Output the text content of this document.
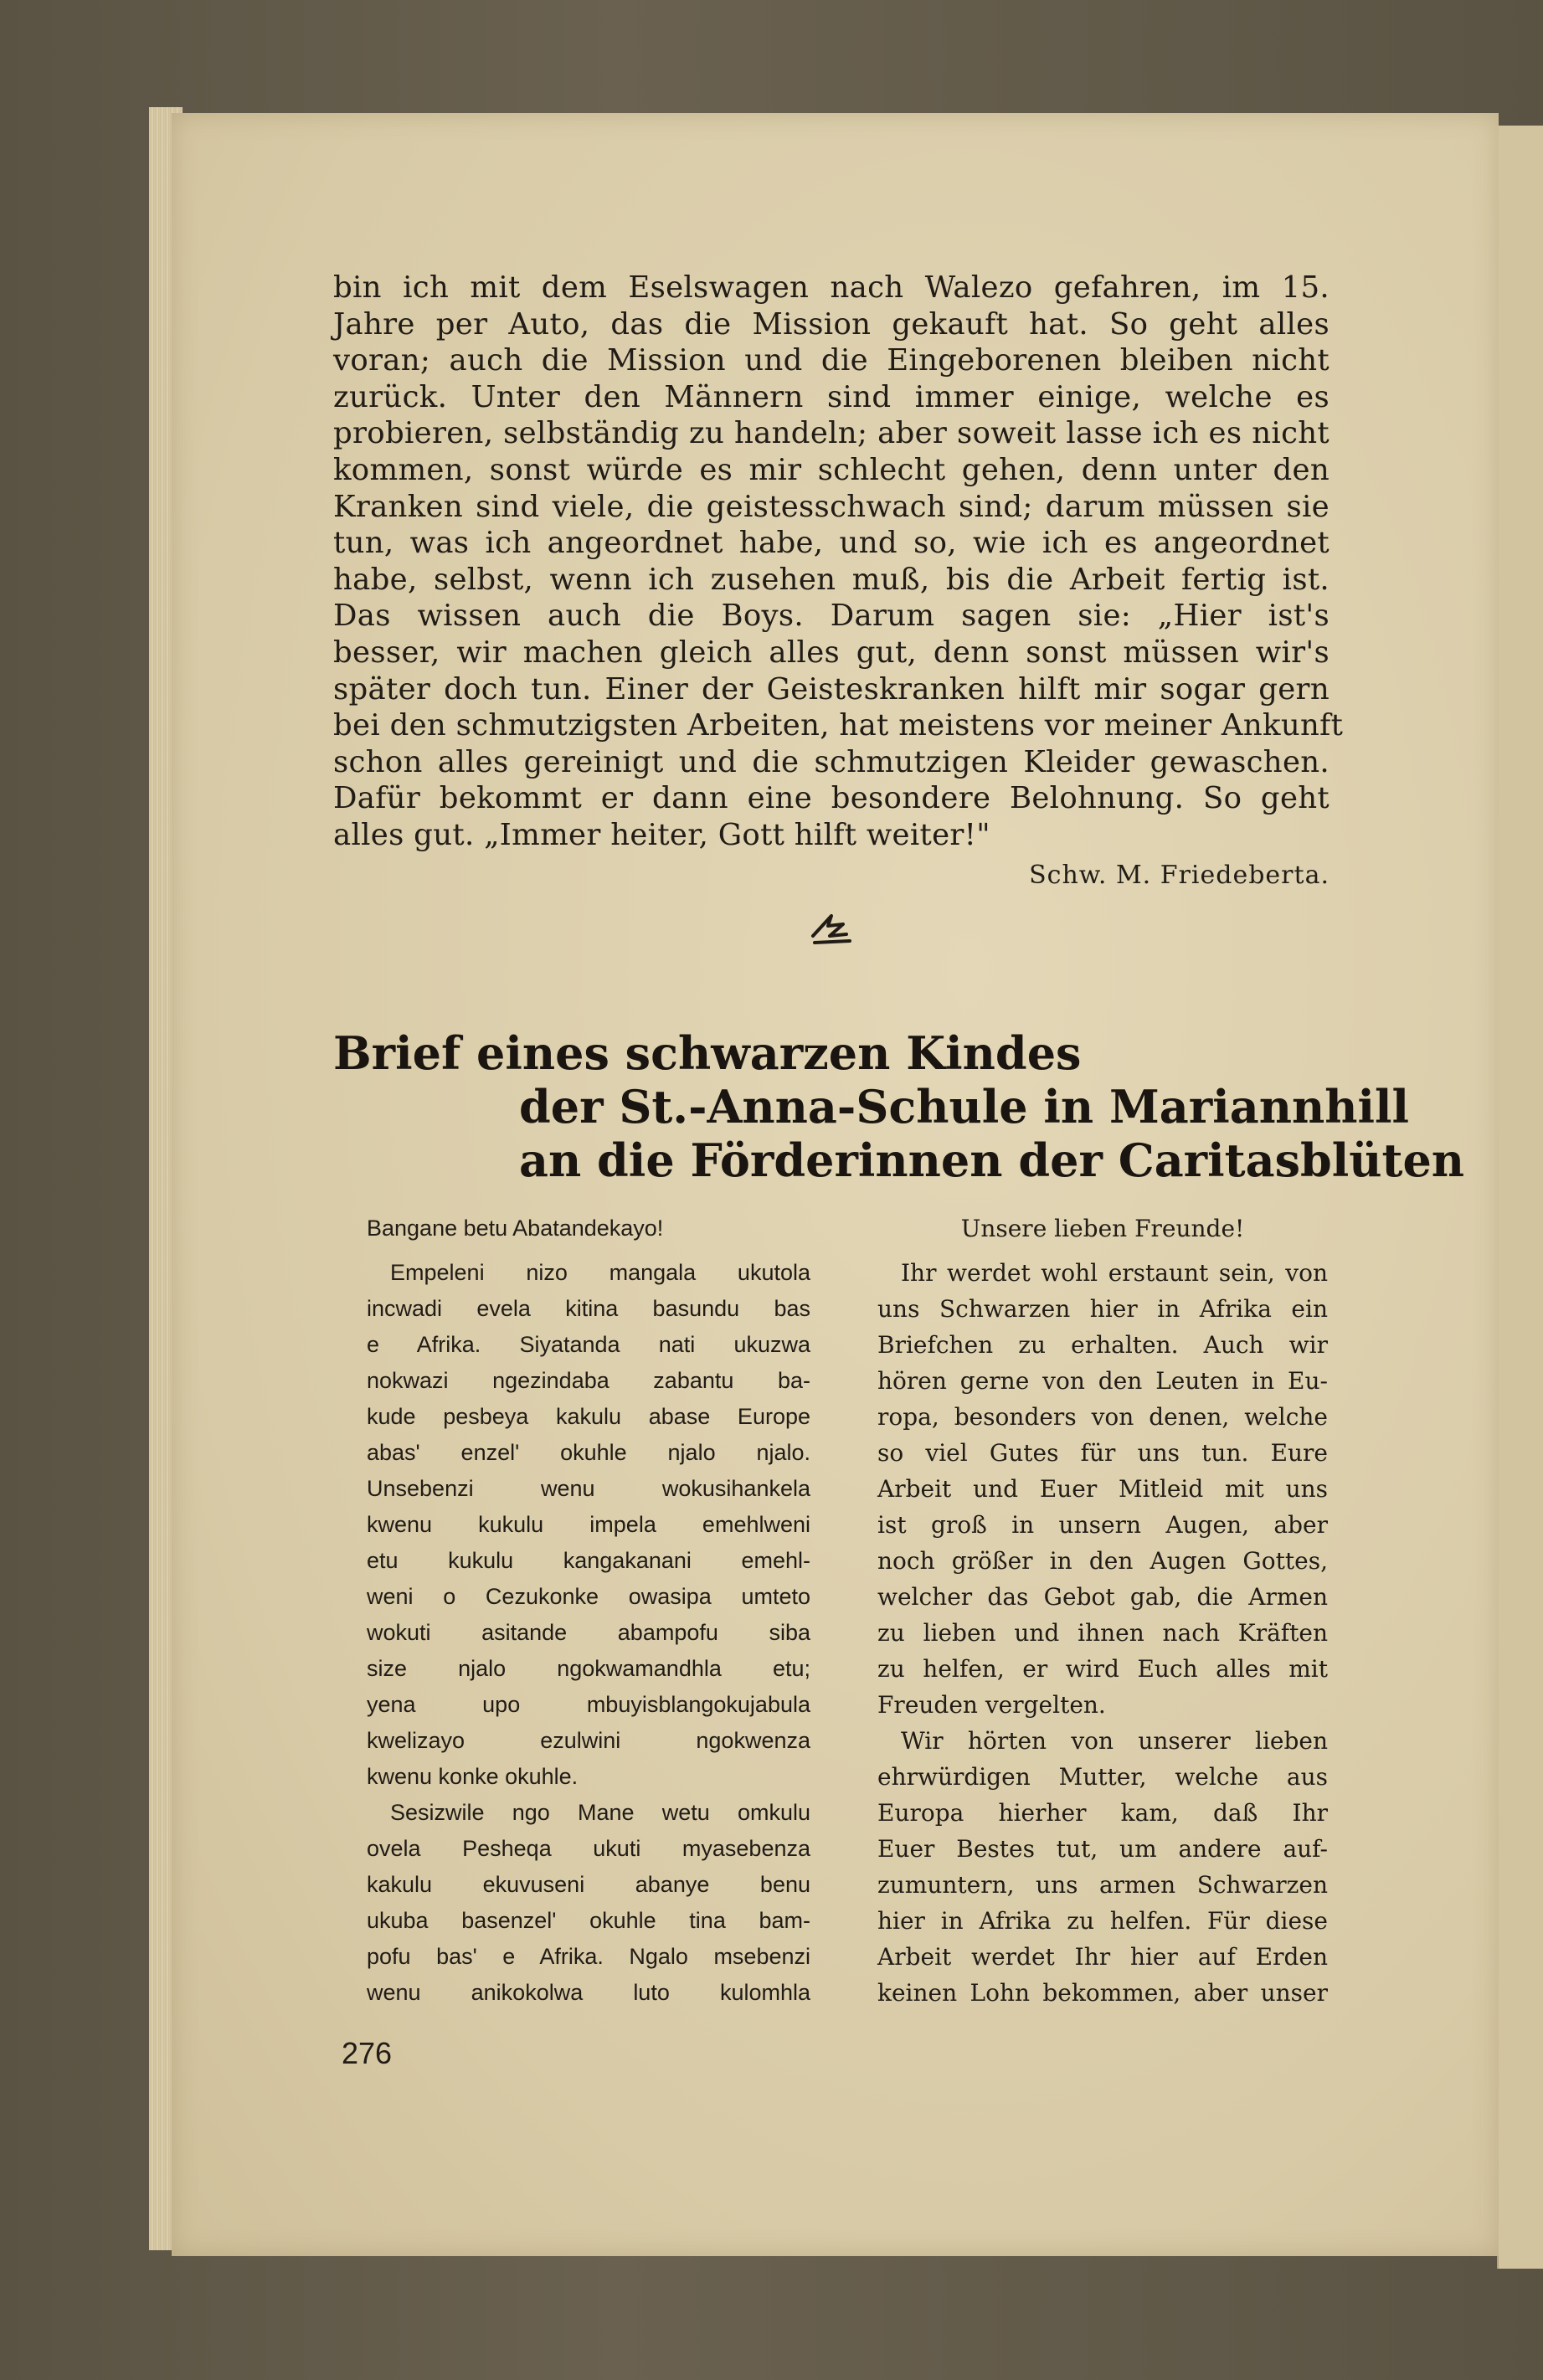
bin ich mit dem Eselswagen nach Walezo gefahren, im 15.
Jahre per Auto, das die Mission gekauft hat. So geht alles
voran; auch die Mission und die Eingeborenen bleiben nicht
zurück. Unter den Männern sind immer einige, welche es
probieren, selbständig zu handeln; aber soweit lasse ich es nicht
kommen, sonst würde es mir schlecht gehen, denn unter den
Kranken sind viele, die geistesschwach sind; darum müssen sie
tun, was ich angeordnet habe, und so, wie ich es angeordnet
habe, selbst, wenn ich zusehen muß, bis die Arbeit fertig ist.
Das wissen auch die Boys. Darum sagen sie: „Hier ist's
besser, wir machen gleich alles gut, denn sonst müssen wir's
später doch tun. Einer der Geisteskranken hilft mir sogar gern
bei den schmutzigsten Arbeiten, hat meistens vor meiner Ankunft
schon alles gereinigt und die schmutzigen Kleider gewaschen.
Dafür bekommt er dann eine besondere Belohnung. So geht
alles gut. „Immer heiter, Gott hilft weiter!"

Schw. M. Friedeberta.
Brief eines schwarzen Kindes
der St.-Anna-Schule in Mariannhill
an die Förderinnen der Caritasblüten

Bangane betu Abatandekayo!

Empeleni nizo mangala ukutola
incwadi evela kitina basundu bas
e Afrika. Siyatanda nati ukuzwa
nokwazi ngezindaba zabantu ba-
kude pesbeya kakulu abase Europe
abas' enzel' okuhle njalo njalo.
Unsebenzi wenu wokusihankela
kwenu kukulu impela emehlweni
etu kukulu kangakanani emehl-
weni o Cezukonke owasipa umteto
wokuti asitande abampofu siba
size njalo ngokwamandhla etu;
yena upo mbuyisblangokujabula
kwelizayo ezulwini ngokwenza
kwenu konke okuhle.
Sesizwile ngo Mane wetu omkulu
ovela Pesheqa ukuti myasebenza
kakulu ekuvuseni abanye benu
ukuba basenzel' okuhle tina bam-
pofu bas' e Afrika. Ngalo msebenzi
wenu anikokolwa luto kulomhla

Unsere lieben Freunde!

Ihr werdet wohl erstaunt sein, von
uns Schwarzen hier in Afrika ein
Briefchen zu erhalten. Auch wir
hören gerne von den Leuten in Eu-
ropa, besonders von denen, welche
so viel Gutes für uns tun. Eure
Arbeit und Euer Mitleid mit uns
ist groß in unsern Augen, aber
noch größer in den Augen Gottes,
welcher das Gebot gab, die Armen
zu lieben und ihnen nach Kräften
zu helfen, er wird Euch alles mit
Freuden vergelten.
Wir hörten von unserer lieben
ehrwürdigen Mutter, welche aus
Europa hierher kam, daß Ihr
Euer Bestes tut, um andere auf-
zumuntern, uns armen Schwarzen
hier in Afrika zu helfen. Für diese
Arbeit werdet Ihr hier auf Erden
keinen Lohn bekommen, aber unser
276
